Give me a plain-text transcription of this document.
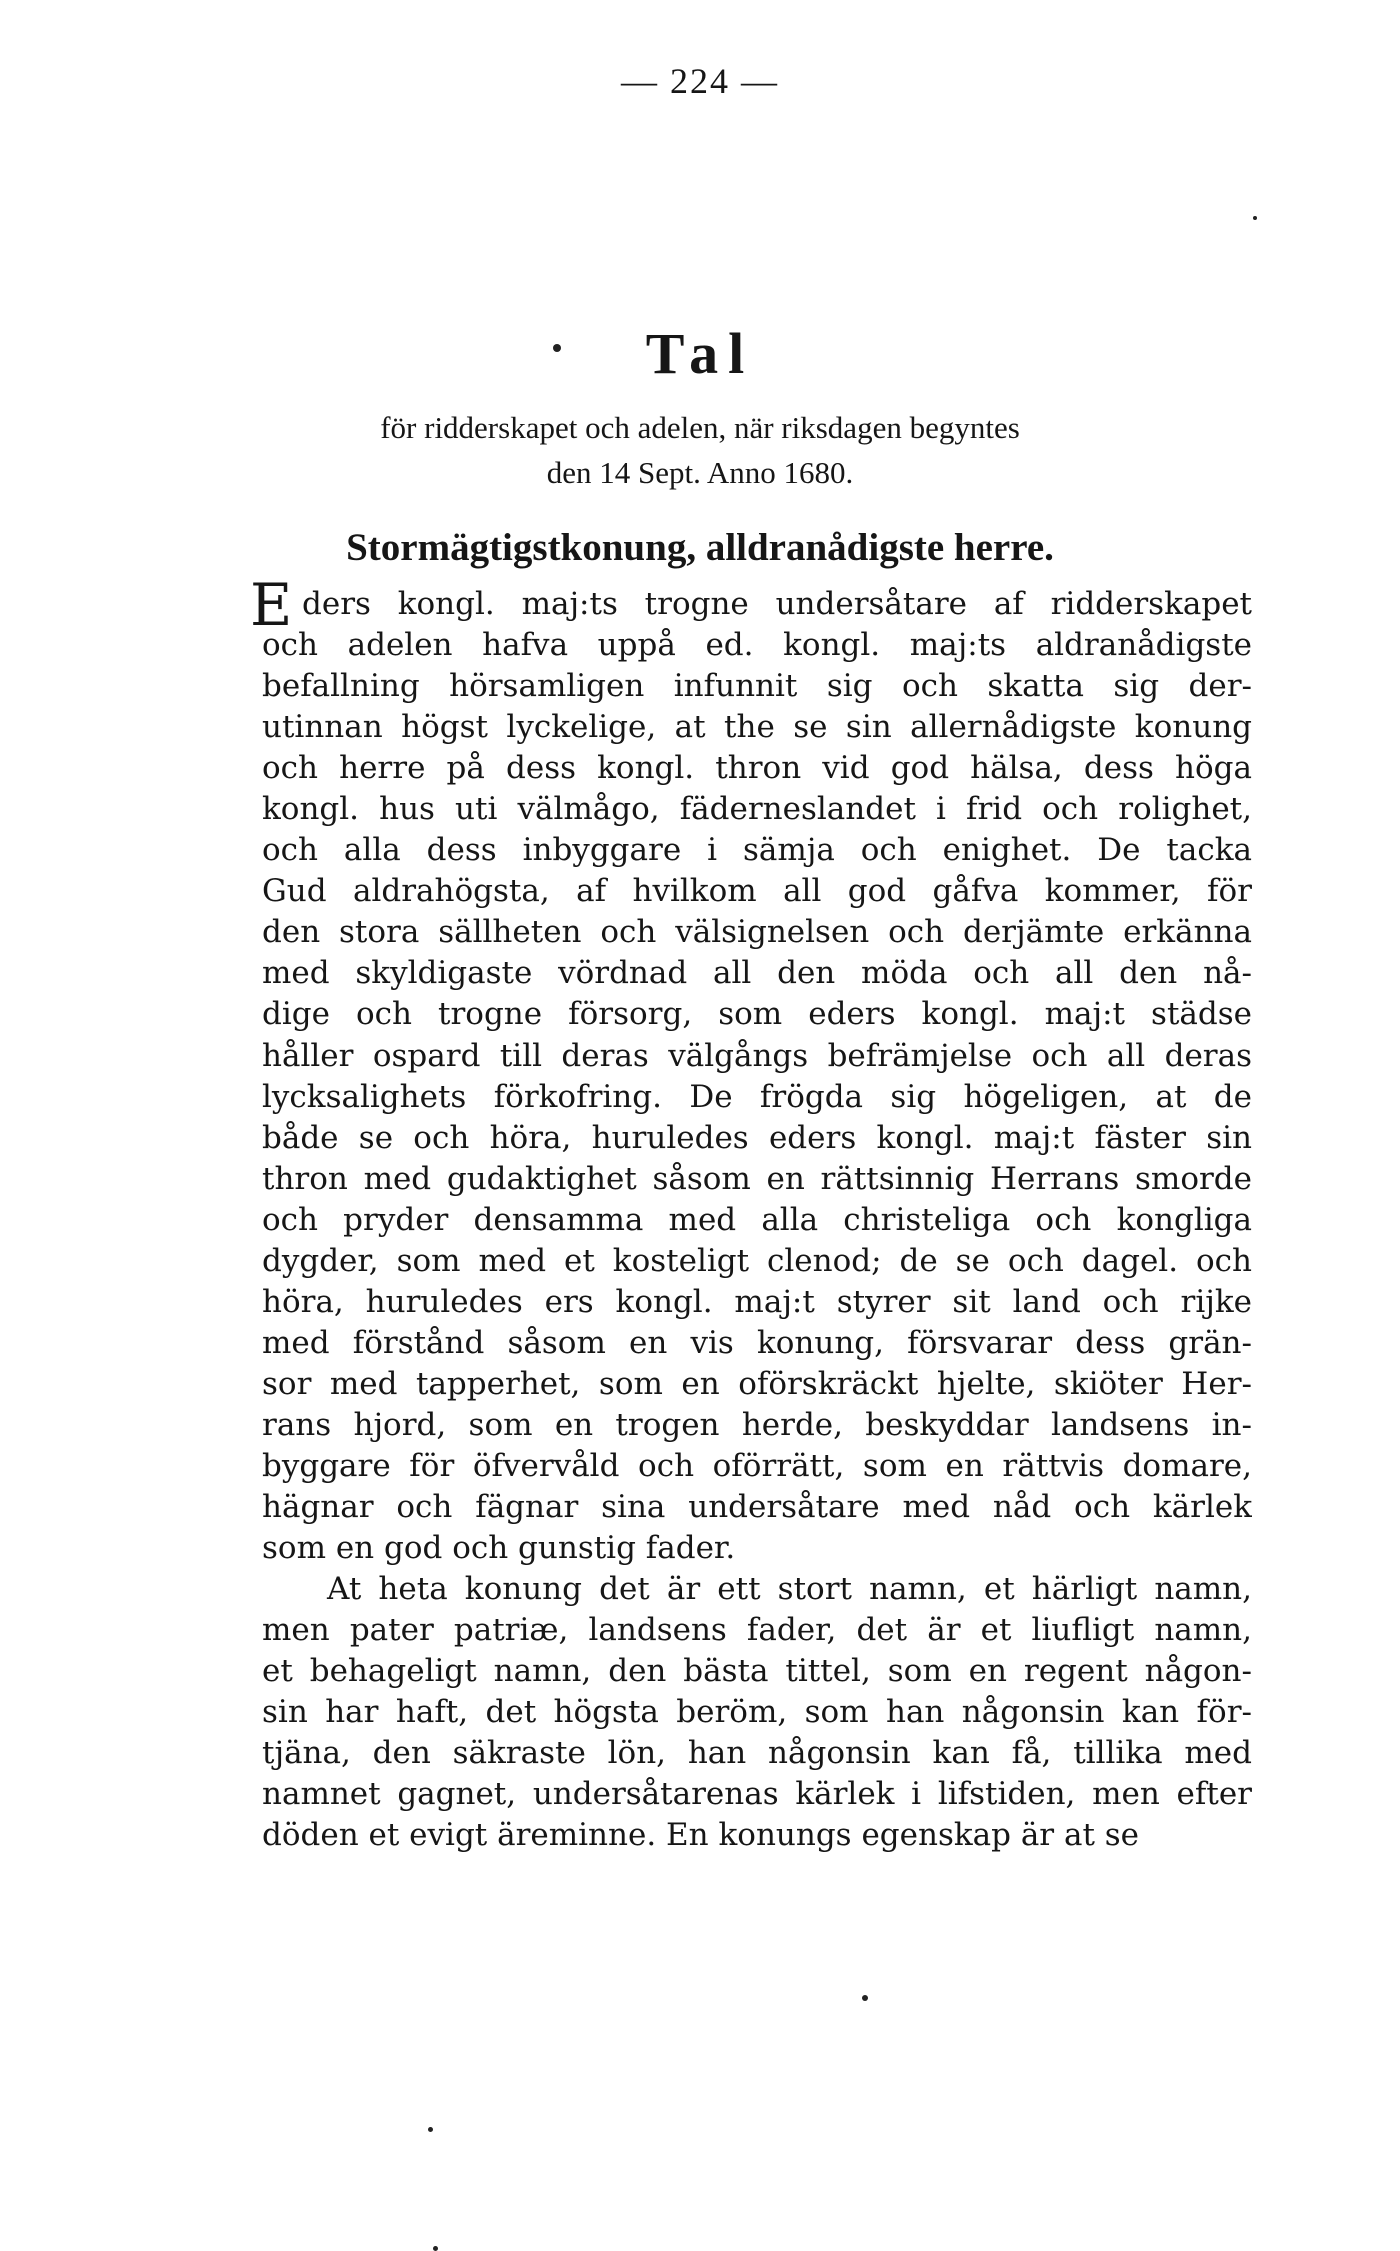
— 224 —
Tal
för ridderskapet och adelen, när riksdagen begyntes
den 14 Sept. Anno 1680.
Stormägtigstkonung, alldranådigste herre.
E ders kongl. maj:ts trogne undersåtare af ridderskapet
och adelen hafva uppå ed. kongl. maj:ts aldranådigste
befallning hörsamligen infunnit sig och skatta sig der-
utinnan högst lyckelige, at the se sin allernådigste konung
och herre på dess kongl. thron vid god hälsa, dess höga
kongl. hus uti välmågo, fäderneslandet i frid och rolighet,
och alla dess inbyggare i sämja och enighet. De tacka
Gud aldrahögsta, af hvilkom all god gåfva kommer, för
den stora sällheten och välsignelsen och derjämte erkänna
med skyldigaste vördnad all den möda och all den nå-
dige och trogne försorg, som eders kongl. maj:t städse
håller ospard till deras välgångs befrämjelse och all deras
lycksalighets förkofring. De frögda sig högeligen, at de
både se och höra, huruledes eders kongl. maj:t fäster sin
thron med gudaktighet såsom en rättsinnig Herrans smorde
och pryder densamma med alla christeliga och kongliga
dygder, som med et kosteligt clenod; de se och dagel. och
höra, huruledes ers kongl. maj:t styrer sit land och rijke
med förstånd såsom en vis konung, försvarar dess grän-
sor med tapperhet, som en oförskräckt hjelte, skiöter Her-
rans hjord, som en trogen herde, beskyddar landsens in-
byggare för öfvervåld och oförrätt, som en rättvis domare,
hägnar och fägnar sina undersåtare med nåd och kärlek
som en god och gunstig fader.
At heta konung det är ett stort namn, et härligt namn,
men pater patriæ, landsens fader, det är et liufligt namn,
et behageligt namn, den bästa tittel, som en regent någon-
sin har haft, det högsta beröm, som han någonsin kan för-
tjäna, den säkraste lön, han någonsin kan få, tillika med
namnet gagnet, undersåtarenas kärlek i lifstiden, men efter
döden et evigt äreminne. En konungs egenskap är at se
